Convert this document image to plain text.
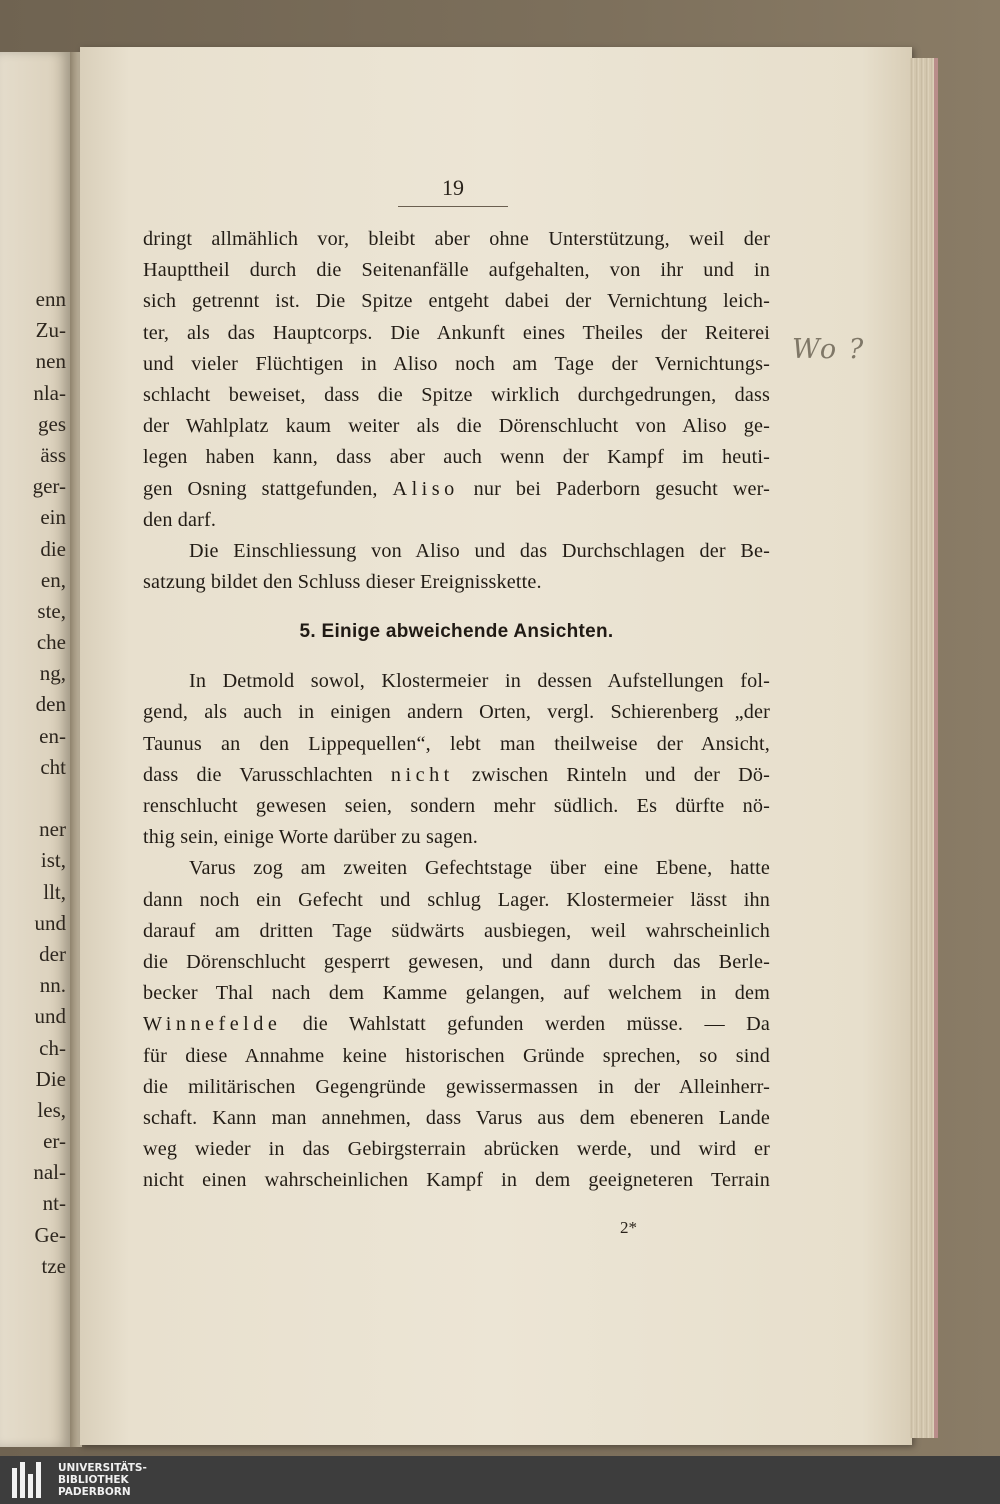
enn
Zu-
nen
nla-
ges
äss
ger-
ein
die
en,
ste,
che
ng,
den
en-
cht
ner
ist,
llt,
und
der
nn.
und
ch-
Die
les,
er-
nal-
nt-
Ge-
tze
19
Wo ?
dringt allmählich vor, bleibt aber ohne Unterstützung, weil der
Haupttheil durch die Seitenanfälle aufgehalten, von ihr und in
sich getrennt ist. Die Spitze entgeht dabei der Vernichtung leich-
ter, als das Hauptcorps. Die Ankunft eines Theiles der Reiterei
und vieler Flüchtigen in Aliso noch am Tage der Vernichtungs-
schlacht beweiset, dass die Spitze wirklich durchgedrungen, dass
der Wahlplatz kaum weiter als die Dörenschlucht von Aliso ge-
legen haben kann, dass aber auch wenn der Kampf im heuti-
gen Osning stattgefunden, Aliso nur bei Paderborn gesucht wer-
den darf.
Die Einschliessung von Aliso und das Durchschlagen der Be-
satzung bildet den Schluss dieser Ereignisskette.
5. Einige abweichende Ansichten.
In Detmold sowol, Klostermeier in dessen Aufstellungen fol-
gend, als auch in einigen andern Orten, vergl. Schierenberg „der
Taunus an den Lippequellen“, lebt man theilweise der Ansicht,
dass die Varusschlachten nicht zwischen Rinteln und der Dö-
renschlucht gewesen seien, sondern mehr südlich. Es dürfte nö-
thig sein, einige Worte darüber zu sagen.
Varus zog am zweiten Gefechtstage über eine Ebene, hatte
dann noch ein Gefecht und schlug Lager. Klostermeier lässt ihn
darauf am dritten Tage südwärts ausbiegen, weil wahrscheinlich
die Dörenschlucht gesperrt gewesen, und dann durch das Berle-
becker Thal nach dem Kamme gelangen, auf welchem in dem
Winnefelde die Wahlstatt gefunden werden müsse. — Da
für diese Annahme keine historischen Gründe sprechen, so sind
die militärischen Gegengründe gewissermassen in der Alleinherr-
schaft. Kann man annehmen, dass Varus aus dem ebeneren Lande
weg wieder in das Gebirgsterrain abrücken werde, und wird er
nicht einen wahrscheinlichen Kampf in dem geeigneteren Terrain
2*
UNIVERSITÄTS-
BIBLIOTHEK
PADERBORN
